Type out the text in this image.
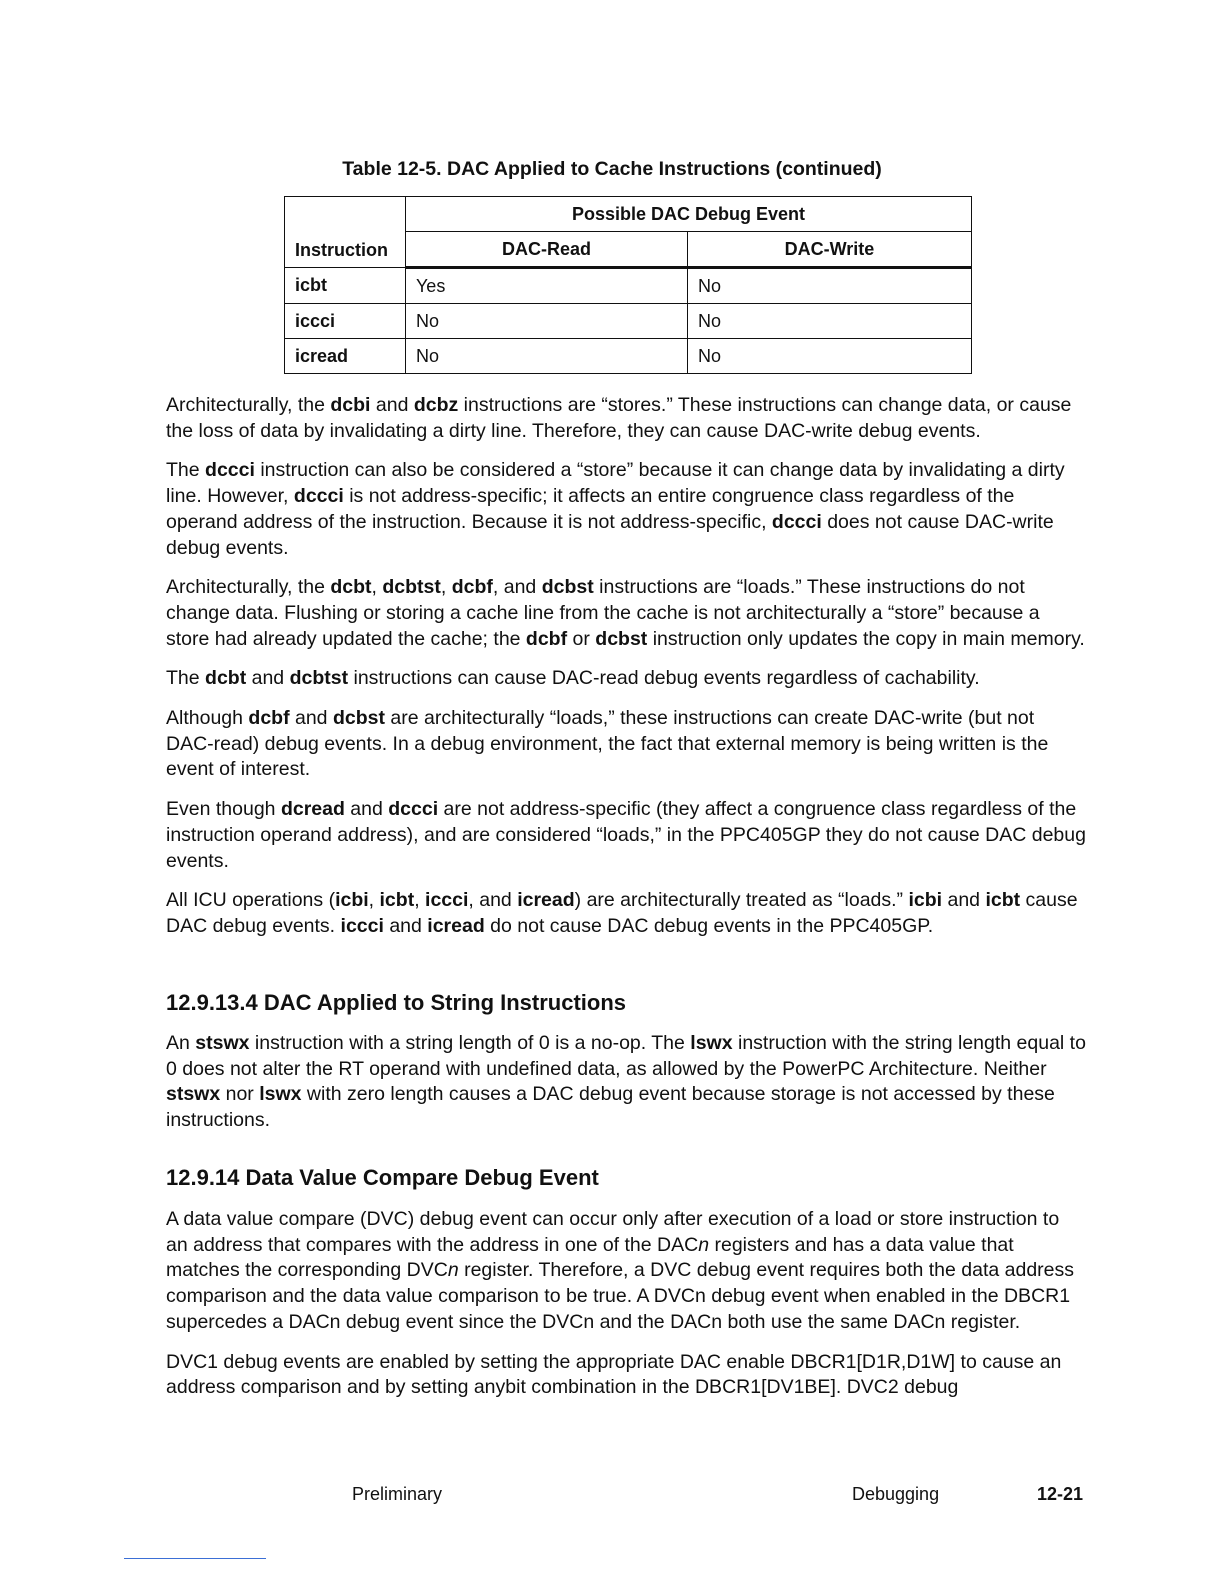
Table 12-5. DAC Applied to Cache Instructions (continued)
Instruction	Possible DAC Debug Event	
	DAC-Read	DAC-Write
icbt	Yes	No
iccci	No	No
icread	No	No

Architecturally, the dcbi and dcbz instructions are “stores.” These instructions can change data, or cause the loss of data by invalidating a dirty line. Therefore, they can cause DAC-write debug events.

The dccci instruction can also be considered a “store” because it can change data by invalidating a dirty line. However, dccci is not address-specific; it affects an entire congruence class regardless of the operand address of the instruction. Because it is not address-specific, dccci does not cause DAC-write debug events.

Architecturally, the dcbt, dcbtst, dcbf, and dcbst instructions are “loads.” These instructions do not change data. Flushing or storing a cache line from the cache is not architecturally a “store” because a store had already updated the cache; the dcbf or dcbst instruction only updates the copy in main memory.

The dcbt and dcbtst instructions can cause DAC-read debug events regardless of cachability.

Although dcbf and dcbst are architecturally “loads,” these instructions can create DAC-write (but not DAC-read) debug events. In a debug environment, the fact that external memory is being written is the event of interest.

Even though dcread and dccci are not address-specific (they affect a congruence class regardless of the instruction operand address), and are considered “loads,” in the PPC405GP they do not cause DAC debug events.

All ICU operations (icbi, icbt, iccci, and icread) are architecturally treated as “loads.” icbi and icbt cause DAC debug events. iccci and icread do not cause DAC debug events in the PPC405GP.

12.9.13.4 DAC Applied to String Instructions

An stswx instruction with a string length of 0 is a no-op. The lswx instruction with the string length equal to 0 does not alter the RT operand with undefined data, as allowed by the PowerPC Architecture. Neither stswx nor lswx with zero length causes a DAC debug event because storage is not accessed by these instructions.

12.9.14 Data Value Compare Debug Event

A data value compare (DVC) debug event can occur only after execution of a load or store instruction to an address that compares with the address in one of the DACn registers and has a data value that matches the corresponding DVCn register. Therefore, a DVC debug event requires both the data address comparison and the data value comparison to be true. A DVCn debug event when enabled in the DBCR1 supercedes a DACn debug event since the DVCn and the DACn both use the same DACn register.

DVC1 debug events are enabled by setting the appropriate DAC enable DBCR1[D1R,D1W] to cause an address comparison and by setting anybit combination in the DBCR1[DV1BE]. DVC2 debug

Preliminary	Debugging	12-21
